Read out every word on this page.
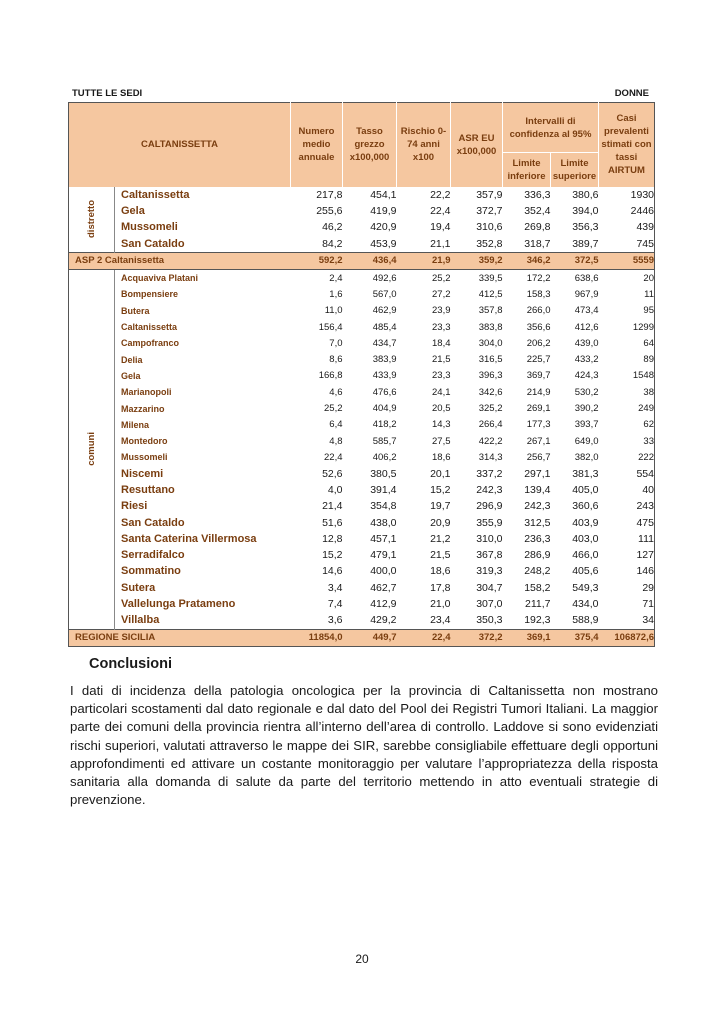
TUTTE LE SEDI	DONNE
CALTANISSETTA		Numero medio annuale	Tasso grezzo x100,000	Rischio 0-74 anni x100	ASR EU x100,000	Intervalli di confidenza al 95%		Casi prevalenti stimati con tassi AIRTUM
						Limite inferiore	Limite superiore	

distretto	Caltanissetta	217,8	454,1	22,2	357,9	336,3	380,6	1930
	Gela	255,6	419,9	22,4	372,7	352,4	394,0	2446
	Mussomeli	46,2	420,9	19,4	310,6	269,8	356,3	439
	San Cataldo	84,2	453,9	21,1	352,8	318,7	389,7	745
ASP 2 Caltanissetta		592,2	436,4	21,9	359,2	346,2	372,5	5559

comuni	Acquaviva Platani	2,4	492,6	25,2	339,5	172,2	638,6	20
	Bompensiere	1,6	567,0	27,2	412,5	158,3	967,9	11
	Butera	11,0	462,9	23,9	357,8	266,0	473,4	95
	Caltanissetta	156,4	485,4	23,3	383,8	356,6	412,6	1299
	Campofranco	7,0	434,7	18,4	304,0	206,2	439,0	64
	Delia	8,6	383,9	21,5	316,5	225,7	433,2	89
	Gela	166,8	433,9	23,3	396,3	369,7	424,3	1548
	Marianopoli	4,6	476,6	24,1	342,6	214,9	530,2	38
	Mazzarino	25,2	404,9	20,5	325,2	269,1	390,2	249
	Milena	6,4	418,2	14,3	266,4	177,3	393,7	62
	Montedoro	4,8	585,7	27,5	422,2	267,1	649,0	33
	Mussomeli	22,4	406,2	18,6	314,3	256,7	382,0	222
	Niscemi	52,6	380,5	20,1	337,2	297,1	381,3	554
	Resuttano	4,0	391,4	15,2	242,3	139,4	405,0	40
	Riesi	21,4	354,8	19,7	296,9	242,3	360,6	243
	San Cataldo	51,6	438,0	20,9	355,9	312,5	403,9	475
	Santa Caterina Villermosa	12,8	457,1	21,2	310,0	236,3	403,0	111
	Serradifalco	15,2	479,1	21,5	367,8	286,9	466,0	127
	Sommatino	14,6	400,0	18,6	319,3	248,2	405,6	146
	Sutera	3,4	462,7	17,8	304,7	158,2	549,3	29
	Vallelunga Pratameno	7,4	412,9	21,0	307,0	211,7	434,0	71
	Villalba	3,6	429,2	23,4	350,3	192,3	588,9	34
REGIONE SICILIA		11854,0	449,7	22,4	372,2	369,1	375,4	106872,6
Conclusioni

I dati di incidenza della patologia oncologica per la provincia di Caltanissetta non mostrano particolari scostamenti dal dato regionale e dal dato del Pool dei Registri Tumori Italiani. La maggior parte dei comuni della provincia rientra all’interno dell’area di controllo. Laddove si sono evidenziati rischi superiori, valutati attraverso le mappe dei SIR, sarebbe consigliabile effettuare degli opportuni approfondimenti ed attivare un costante monitoraggio per valutare l’appropriatezza della risposta sanitaria alla domanda di salute da parte del territorio mettendo in atto eventuali strategie di prevenzione.

20
